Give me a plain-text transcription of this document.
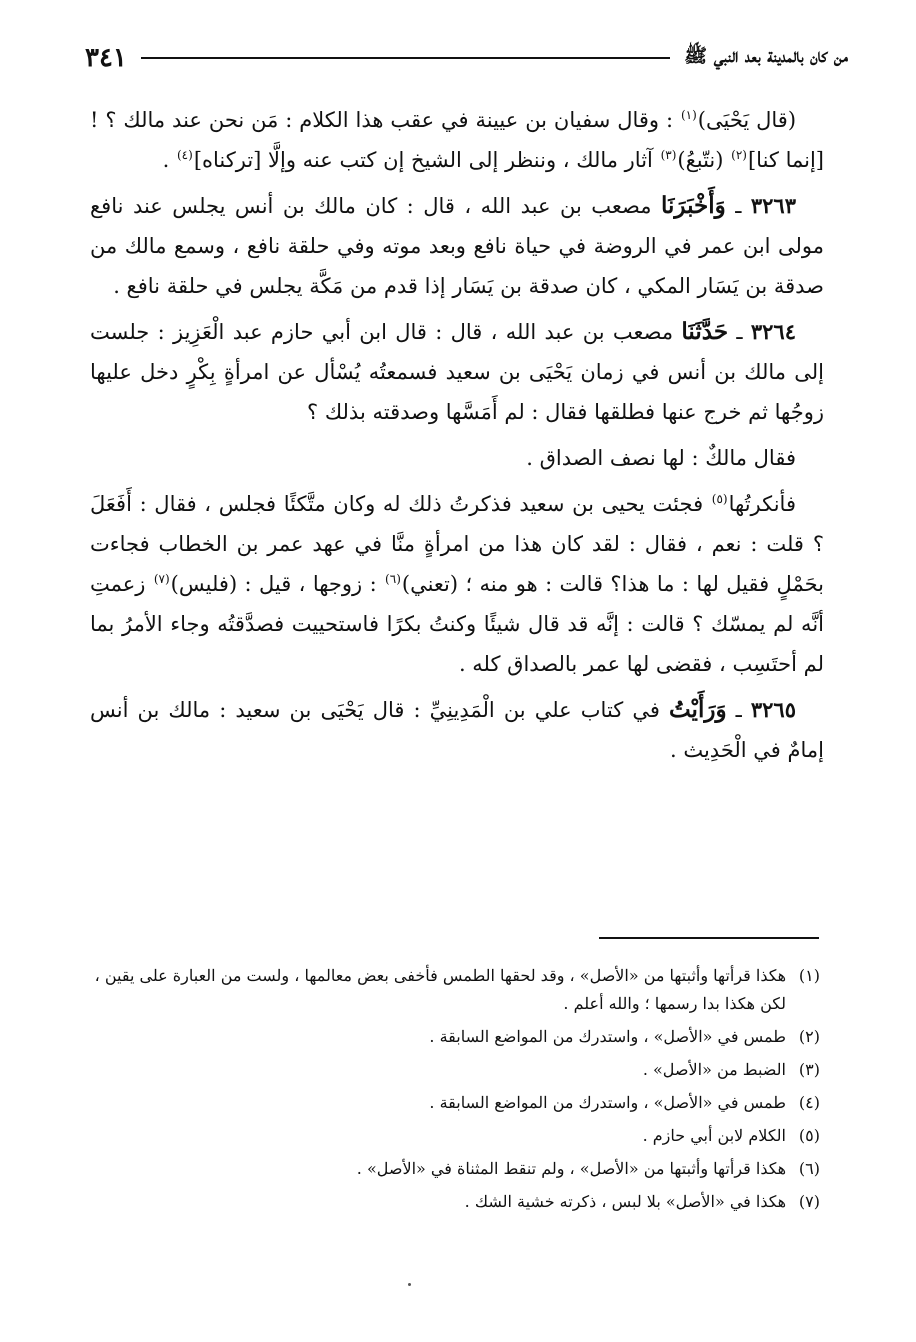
من كان بالمدينة بعد النبي ﷺ
٣٤١

(قال يَحْيَى)$^{(١)}$ : وقال سفيان بن عيينة في عقب هذا الكلام : مَن نحن عند مالك ؟ ! [إنما كنا]$^{(٢)}$ (نتّبعُ)$^{(٣)}$ آثار مالك ، وننظر إلى الشيخ إن كتب عنه وإلَّا [تركناه]$^{(٤)}$ .

٣٢٦٣ ـ وَأَخْبَرَنَا مصعب بن عبد الله ، قال : كان مالك بن أنس يجلس عند نافع مولى ابن عمر في الروضة في حياة نافع وبعد موته وفي حلقة نافع ، وسمع مالك من صدقة بن يَسَار المكي ، كان صدقة بن يَسَار إذا قدم من مَكَّة يجلس في حلقة نافع .

٣٢٦٤ ـ حَدَّثَنَا مصعب بن عبد الله ، قال : قال ابن أبي حازم عبد الْعَزِيز : جلست إلى مالك بن أنس في زمان يَحْيَى بن سعيد فسمعتُه يُسْأل عن امرأةٍ بِكْرٍ دخل عليها زوجُها ثم خرج عنها فطلقها فقال : لم أَمَسَّها وصدقته بذلك ؟

فقال مالكٌ : لها نصف الصداق .

فأنكرتُها$^{(٥)}$ فجئت يحيى بن سعيد فذكرتُ ذلك له وكان متَّكئًا فجلس ، فقال : أَفَعَلَ ؟ قلت : نعم ، فقال : لقد كان هذا من امرأةٍ منَّا في عهد عمر بن الخطاب فجاءت بحَمْلٍ فقيل لها : ما هذا؟ قالت : هو منه ؛ (تعني)$^{(٦)}$ : زوجها ، قيل : (فليس)$^{(٧)}$ زعمتِ أنَّه لم يمسّك ؟ قالت : إنَّه قد قال شيئًا وكنتُ بكرًا فاستحييت فصدَّقتُه وجاء الأمرُ بما لم أحتَسِب ، فقضى لها عمر بالصداق كله .

٣٢٦٥ ـ وَرَأَيْتُ في كتاب علي بن الْمَدِينِيِّ : قال يَحْيَى بن سعيد : مالك بن أنس إمامٌ في الْحَدِيث .

(١)هكذا قرأتها وأثبتها من «الأصل» ، وقد لحقها الطمس فأخفى بعض معالمها ، ولست من العبارة على يقين ، لكن هكذا بدا رسمها ؛ والله أعلم .
(٢)طمس في «الأصل» ، واستدرك من المواضع السابقة .
(٣)الضبط من «الأصل» .
(٤)طمس في «الأصل» ، واستدرك من المواضع السابقة .
(٥)الكلام لابن أبي حازم .
(٦)هكذا قرأتها وأثبتها من «الأصل» ، ولم تنقط المثناة في «الأصل» .
(٧)هكذا في «الأصل» بلا لبس ، ذكرته خشية الشك .
